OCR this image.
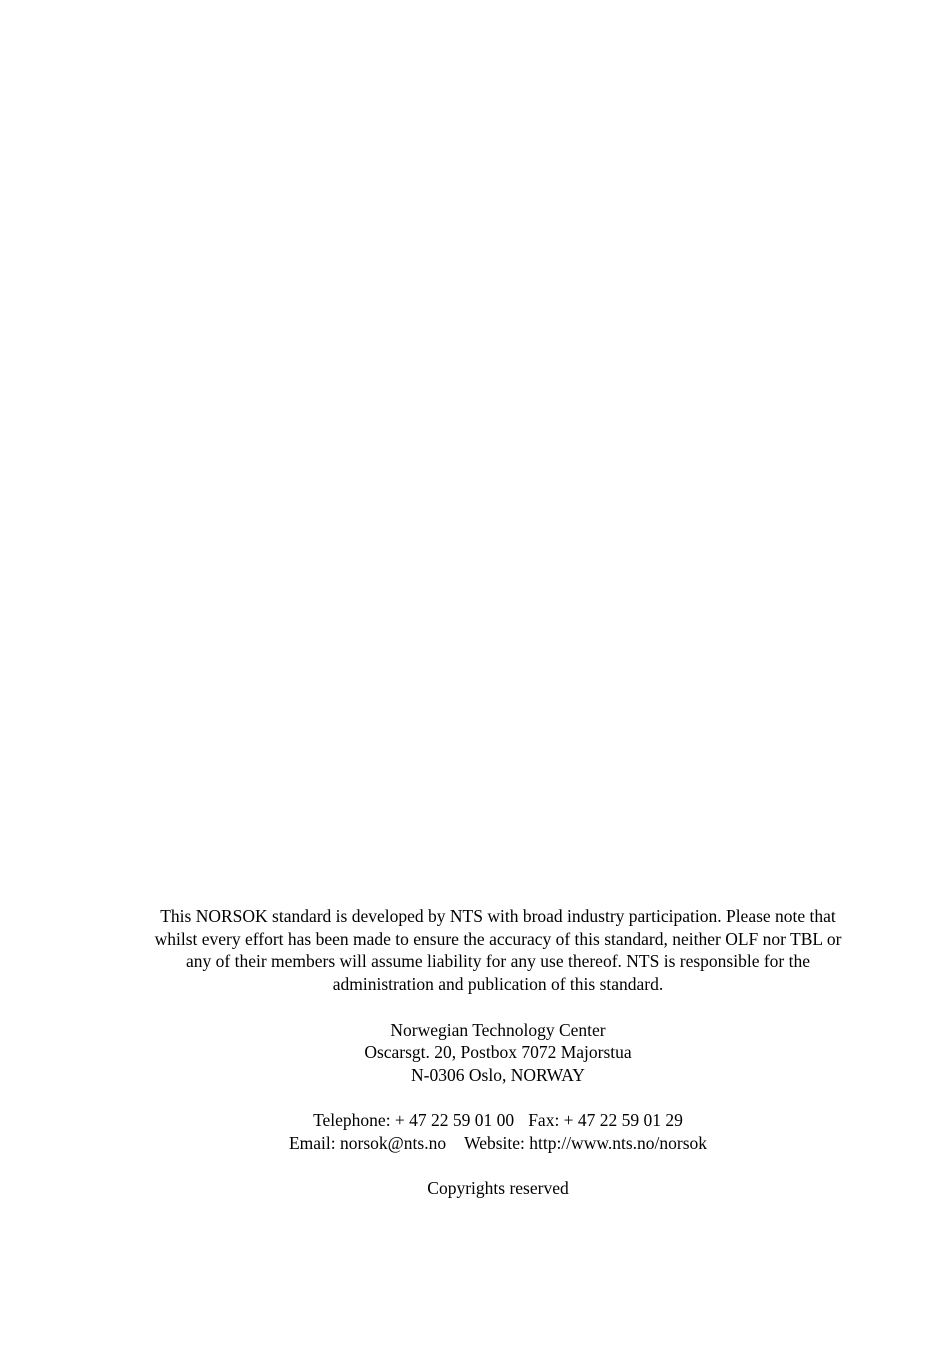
This NORSOK standard is developed by NTS with broad industry participation. Please note that
whilst every effort has been made to ensure the accuracy of this standard, neither OLF nor TBL or
any of their members will assume liability for any use thereof. NTS is responsible for the
administration and publication of this standard.
Norwegian Technology Center
Oscarsgt. 20, Postbox 7072 Majorstua
N-0306 Oslo, NORWAY
Telephone: + 47 22 59 01 00 Fax: + 47 22 59 01 29
Email: norsok@nts.no Website: http://www.nts.no/norsok
Copyrights reserved
